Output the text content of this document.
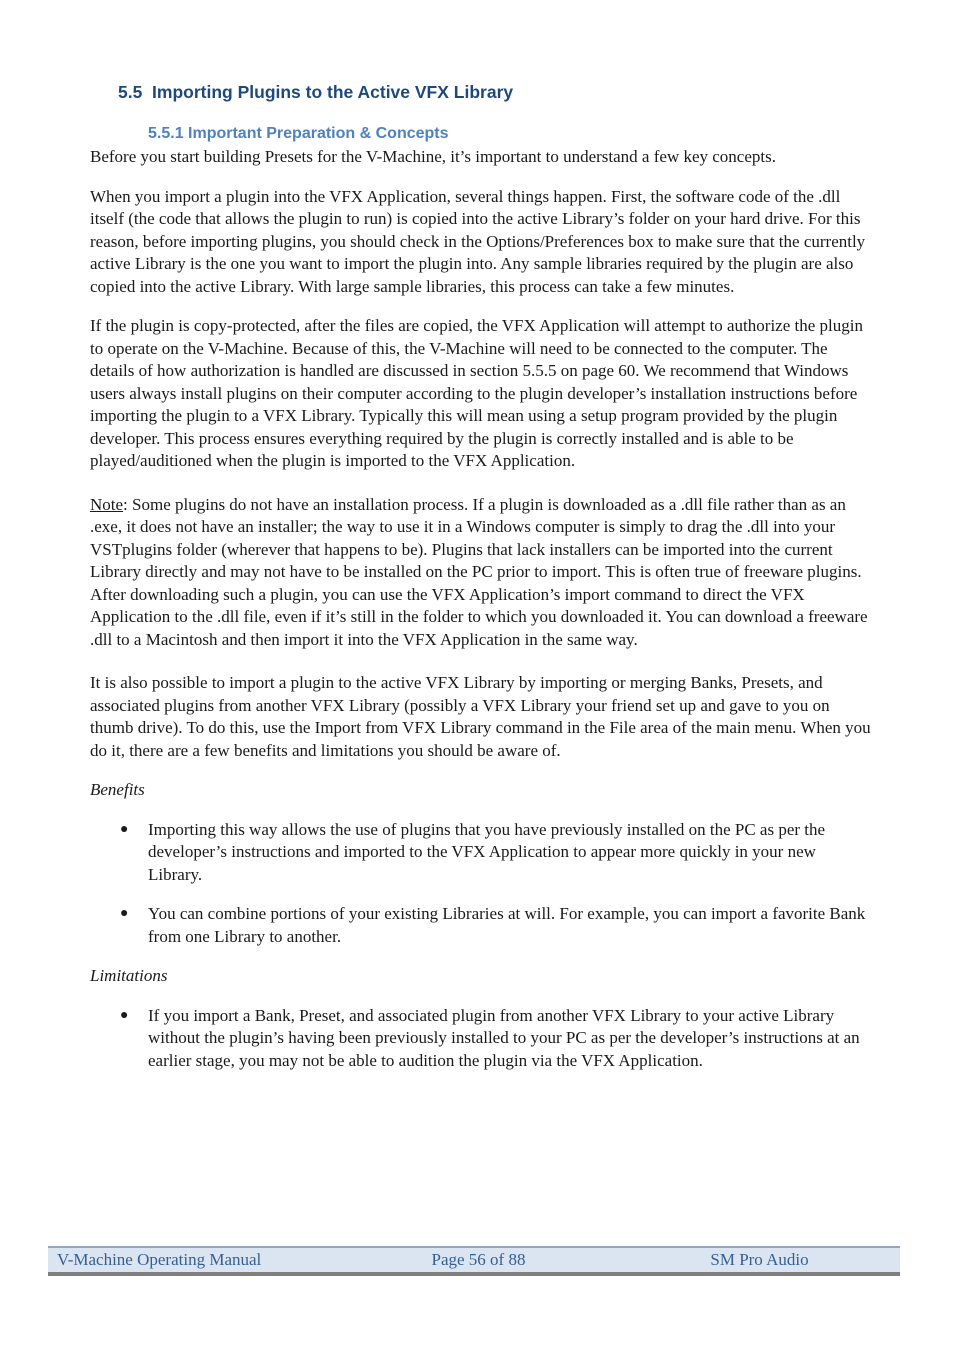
5.5  Importing Plugins to the Active VFX Library
5.5.1 Important Preparation & Concepts

Before you start building Presets for the V-Machine, it’s important to understand a few key concepts.

When you import a plugin into the VFX Application, several things happen. First, the software code of the .dll itself (the code that allows the plugin to run) is copied into the active Library’s folder on your hard drive. For this reason, before importing plugins, you should check in the Options/Preferences box to make sure that the currently active Library is the one you want to import the plugin into. Any sample libraries required by the plugin are also copied into the active Library. With large sample libraries, this process can take a few minutes.

If the plugin is copy-protected, after the files are copied, the VFX Application will attempt to authorize the plugin to operate on the V-Machine. Because of this, the V-Machine will need to be connected to the computer. The details of how authorization is handled are discussed in section 5.5.5 on page 60. We recommend that Windows users always install plugins on their computer according to the plugin developer’s installation instructions before importing the plugin to a VFX Library. Typically this will mean using a setup program provided by the plugin developer. This process ensures everything required by the plugin is correctly installed and is able to be played/auditioned when the plugin is imported to the VFX Application.

Note: Some plugins do not have an installation process. If a plugin is downloaded as a .dll file rather than as an .exe, it does not have an installer; the way to use it in a Windows computer is simply to drag the .dll into your VSTplugins folder (wherever that happens to be). Plugins that lack installers can be imported into the current Library directly and may not have to be installed on the PC prior to import. This is often true of freeware plugins. After downloading such a plugin, you can use the VFX Application’s import command to direct the VFX Application to the .dll file, even if it’s still in the folder to which you downloaded it. You can download a freeware .dll to a Macintosh and then import it into the VFX Application in the same way.

It is also possible to import a plugin to the active VFX Library by importing or merging Banks, Presets, and associated plugins from another VFX Library (possibly a VFX Library your friend set up and gave to you on thumb drive). To do this, use the Import from VFX Library command in the File area of the main menu. When you do it, there are a few benefits and limitations you should be aware of.

Benefits

●	Importing this way allows the use of plugins that you have previously installed on the PC as per the developer’s instructions and imported to the VFX Application to appear more quickly in your new Library.
●	You can combine portions of your existing Libraries at will. For example, you can import a favorite Bank from one Library to another.

Limitations

●	If you import a Bank, Preset, and associated plugin from another VFX Library to your active Library without the plugin’s having been previously installed to your PC as per the developer’s instructions at an earlier stage, you may not be able to audition the plugin via the VFX Application.
V-Machine Operating Manual	Page 56 of 88	SM Pro Audio
